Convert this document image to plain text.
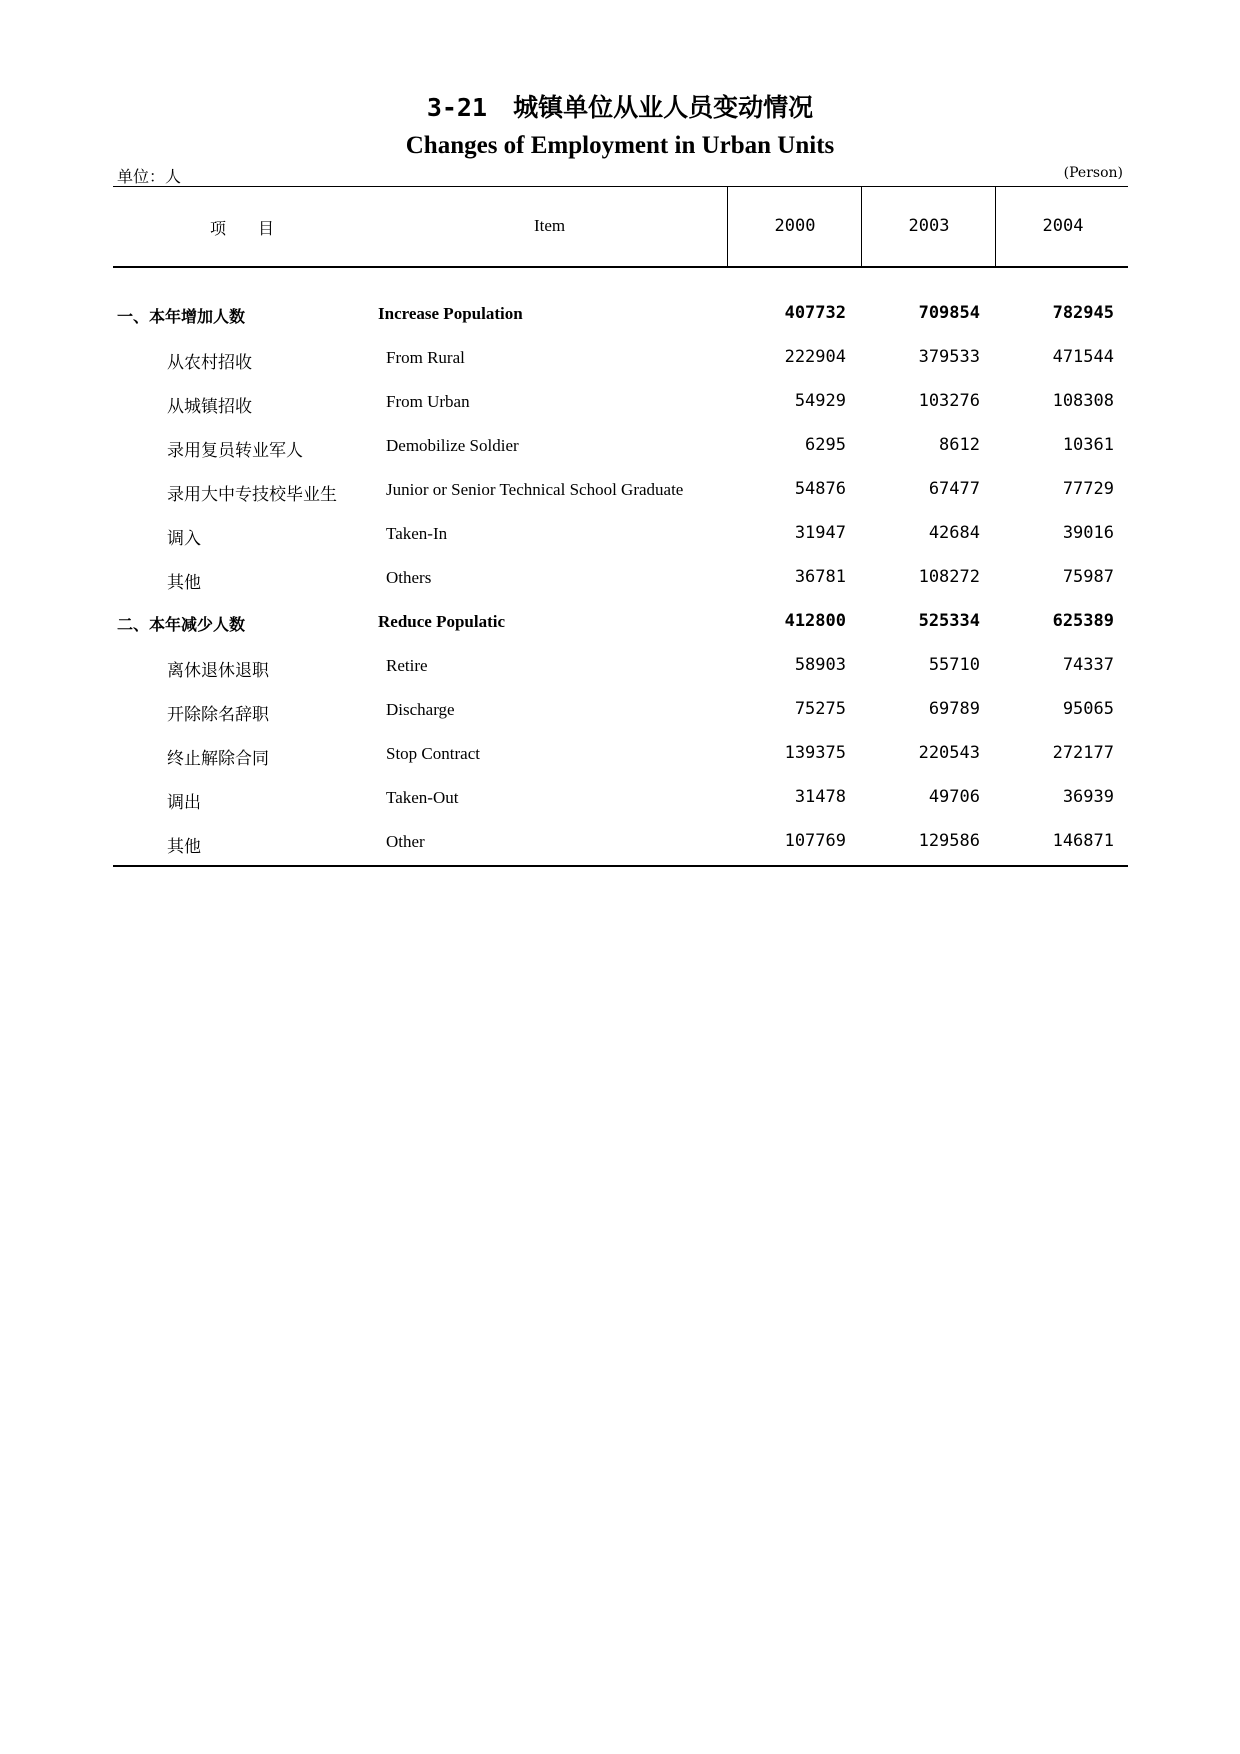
3-21 城镇单位从业人员变动情况
Changes of Employment in Urban Units
单位：人	(Person)
项　　目	Item	2000	2003	2004
一、本年增加人数	Increase Population	407732	709854	782945
从农村招收	From Rural	222904	379533	471544
从城镇招收	From Urban	54929	103276	108308
录用复员转业军人	Demobilize Soldier	6295	8612	10361
录用大中专技校毕业生	Junior or Senior Technical School Graduate	54876	67477	77729
调入	Taken-In	31947	42684	39016
其他	Others	36781	108272	75987
二、本年减少人数	Reduce Populatic	412800	525334	625389
离休退休退职	Retire	58903	55710	74337
开除除名辞职	Discharge	75275	69789	95065
终止解除合同	Stop Contract	139375	220543	272177
调出	Taken-Out	31478	49706	36939
其他	Other	107769	129586	146871
